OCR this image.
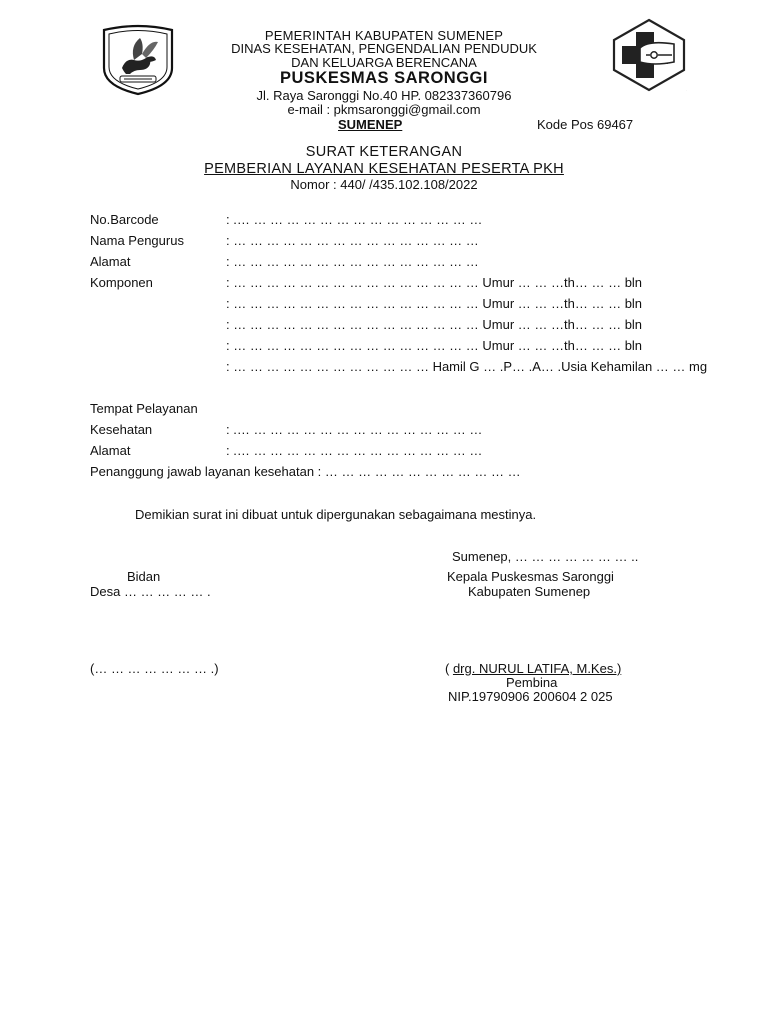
·
PEMERINTAH KABUPATEN SUMENEP
DINAS KESEHATAN, PENGENDALIAN PENDUDUK
DAN KELUARGA BERENCANA
PUSKESMAS SARONGGI
Jl. Raya Saronggi No.40 HP. 082337360796
e-mail : pkmsaronggi@gmail.com
SUMENEP	Kode Pos 69467
SURAT KETERANGAN
PEMBERIAN LAYANAN KESEHATAN PESERTA PKH
Nomor : 440/ /435.102.108/2022
No.Barcode	: .… … … … … … … … … … … … … … …
Nama Pengurus	: … … … … … … … … … … … … … … …
Alamat	: … … … … … … … … … … … … … … …
Komponen	: … … … … … … … … … … … … … … … Umur … … …th… … … bln
: … … … … … … … … … … … … … … … Umur … … …th… … … bln
: … … … … … … … … … … … … … … … Umur … … …th… … … bln
: … … … … … … … … … … … … … … … Umur … … …th… … … bln
: … … … … … … … … … … … … Hamil G … .P… .A… .Usia Kehamilan … … mg
Tempat Pelayanan
Kesehatan	: .… … … … … … … … … … … … … … …
Alamat	: .… … … … … … … … … … … … … … …
Penanggung jawab layanan kesehatan : … … … … … … … … … … … …
Demikian surat ini dibuat untuk dipergunakan sebagaimana mestinya.
Sumenep, … … … … … … … ..
Bidan
Desa … … … … … .
Kepala Puskesmas Saronggi
Kabupaten Sumenep
(… … … … … … … .)	( drg. NURUL LATIFA, M.Kes.)
Pembina
NIP.19790906 200604 2 025
